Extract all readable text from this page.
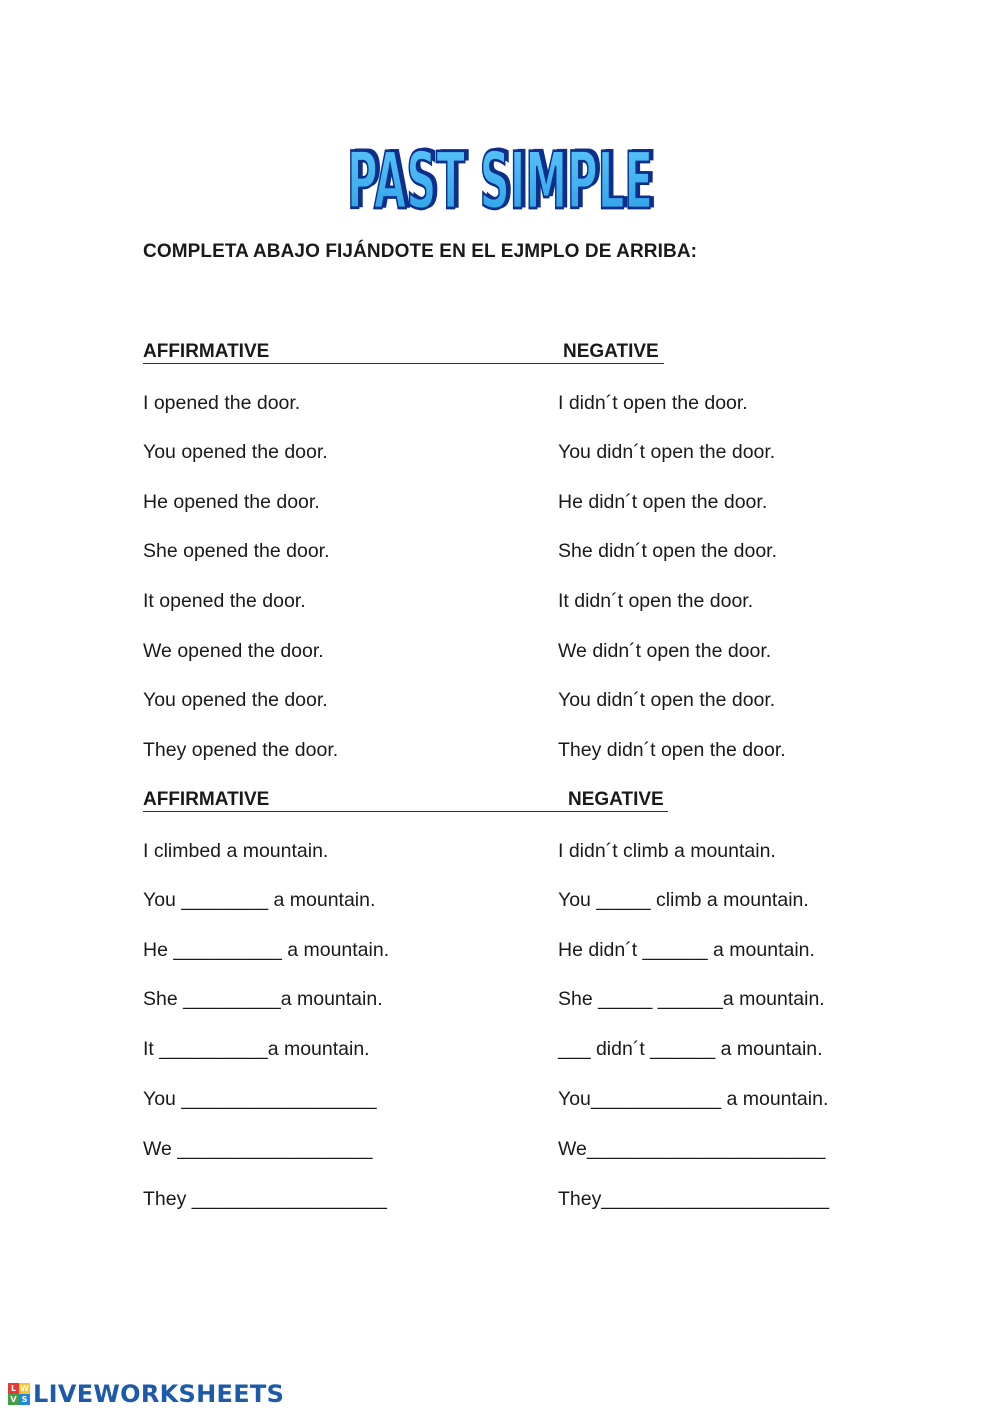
PAST SIMPLE
PAST SIMPLE
COMPLETA ABAJO FIJÁNDOTE EN EL EJMPLO DE ARRIBA:
AFFIRMATIVE	NEGATIVE
I opened the door.	I didn´t open the door.
You opened the door.	You didn´t open the door.
He opened the door.	He didn´t open the door.
She opened the door.	She didn´t open the door.
It opened the door.	It didn´t open the door.
We opened the door.	We didn´t open the door.
You opened the door.	You didn´t open the door.
They opened the door.	They didn´t open the door.
AFFIRMATIVE	NEGATIVE
I climbed a mountain.	I didn´t climb a mountain.
You ________ a mountain.	You _____ climb a mountain.
He __________ a mountain.	He didn´t ______ a mountain.
She _________a mountain.	She _____ ______a mountain.
It __________a mountain.	___ didn´t ______ a mountain.
You __________________	You____________ a mountain.
We __________________	We______________________
They __________________	They_____________________
L W
V S LIVEWORKSHEETS
